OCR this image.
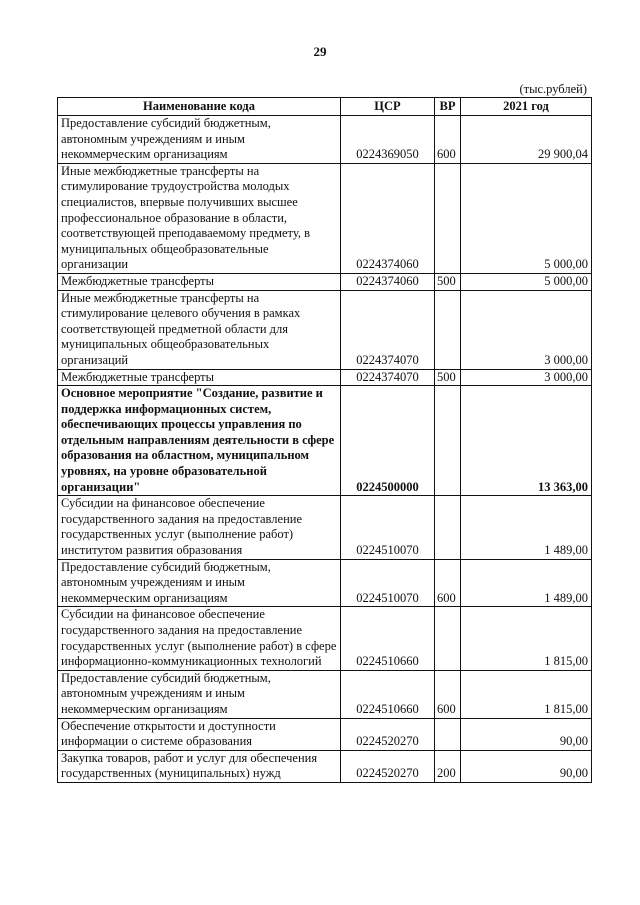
29
(тыс.рублей)
Наименование кода	ЦСР	ВР	2021 год
Предоставление субсидий бюджетным, автономным учреждениям и иным некоммерческим организациям	0224369050	600	29 900,04
Иные межбюджетные трансферты на стимулирование трудоустройства молодых специалистов, впервые получивших высшее профессиональное образование в области, соответствующей преподаваемому предмету, в муниципальных общеобразовательные организации	0224374060		5 000,00
Межбюджетные трансферты	0224374060	500	5 000,00
Иные межбюджетные трансферты на стимулирование целевого обучения в рамках соответствующей предметной области для муниципальных общеобразовательных организаций	0224374070		3 000,00
Межбюджетные трансферты	0224374070	500	3 000,00
Основное мероприятие "Создание, развитие и поддержка информационных систем, обеспечивающих процессы управления по отдельным направлениям деятельности в сфере образования на областном, муниципальном уровнях, на уровне образовательной организации"	0224500000		13 363,00
Субсидии на финансовое обеспечение государственного задания на предоставление государственных услуг (выполнение работ) институтом развития образования	0224510070		1 489,00
Предоставление субсидий бюджетным, автономным учреждениям и иным некоммерческим организациям	0224510070	600	1 489,00
Субсидии на финансовое обеспечение государственного задания на предоставление государственных услуг (выполнение работ) в сфере информационно-коммуникационных технологий	0224510660		1 815,00
Предоставление субсидий бюджетным, автономным учреждениям и иным некоммерческим организациям	0224510660	600	1 815,00
Обеспечение открытости и доступности информации о системе образования	0224520270		90,00
Закупка товаров, работ и услуг для обеспечения государственных (муниципальных) нужд	0224520270	200	90,00
